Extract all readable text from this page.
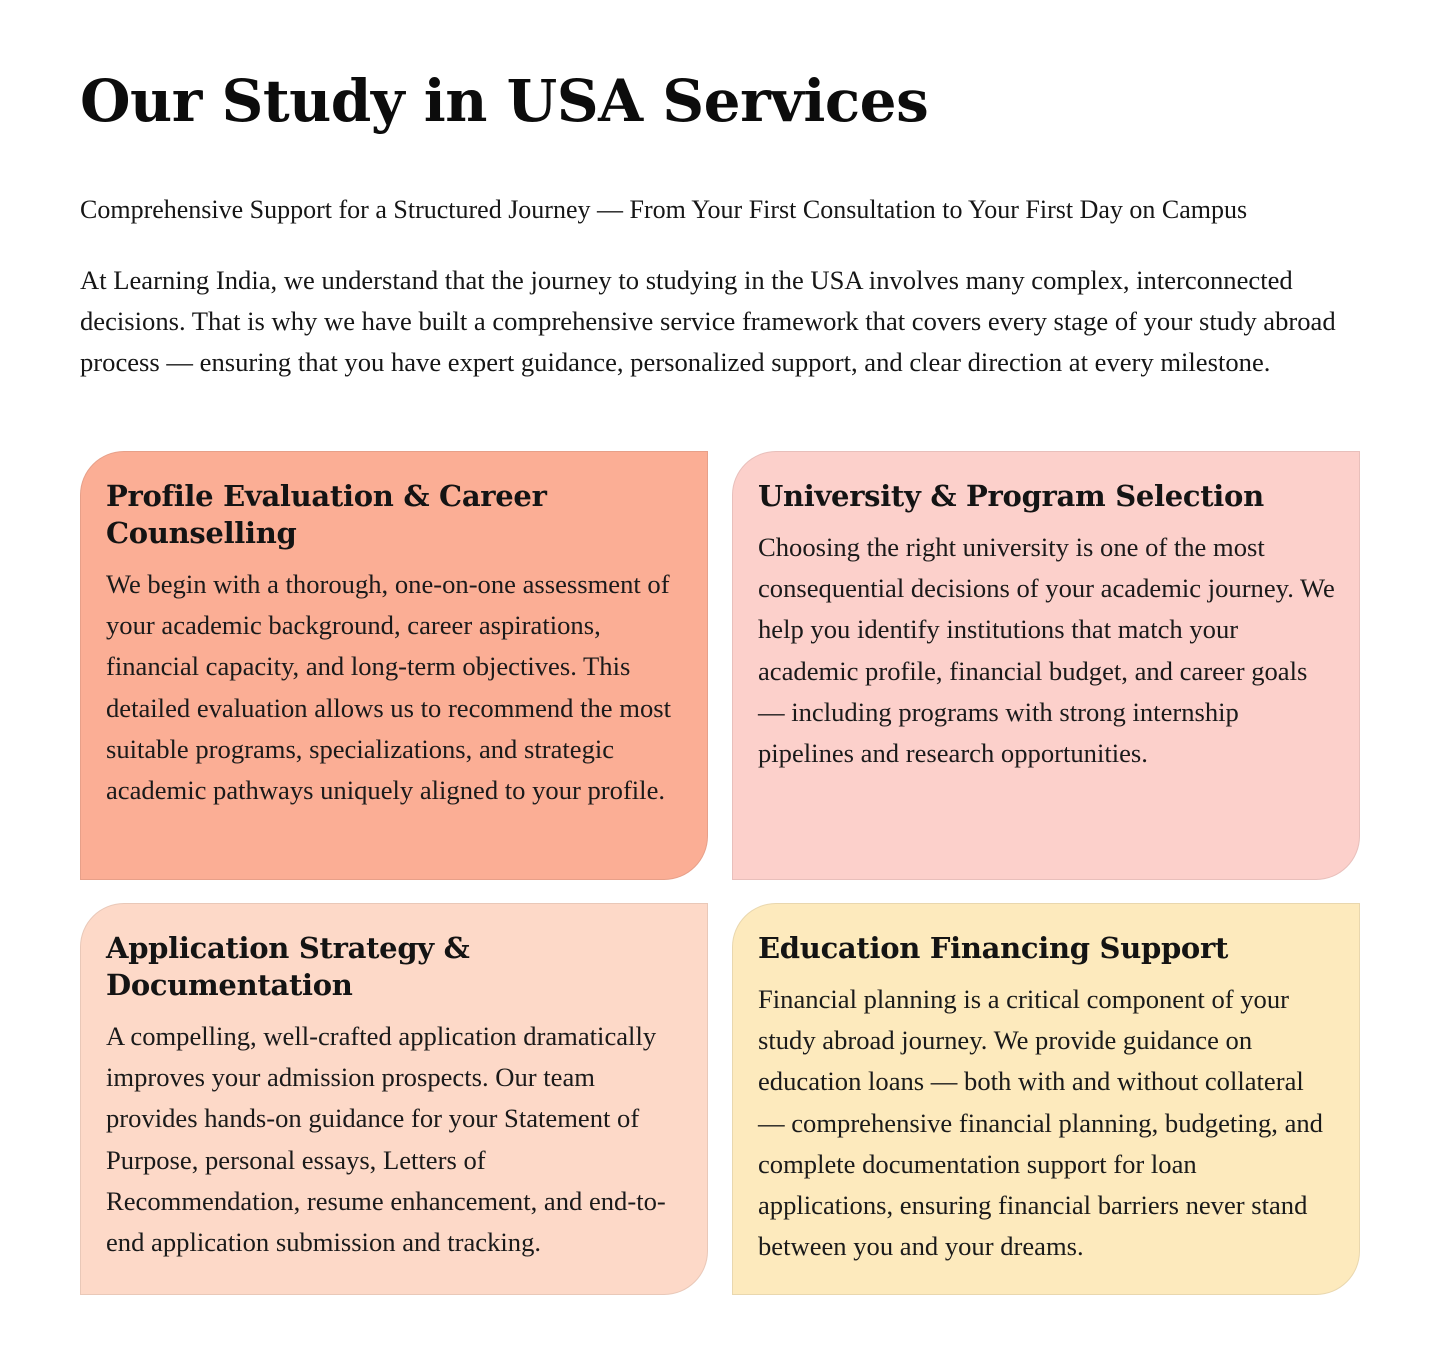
Our Study in USA Services

Comprehensive Support for a Structured Journey — From Your First Consultation to Your First Day on Campus

At Learning India, we understand that the journey to studying in the USA involves many complex, interconnected decisions. That is why we have built a comprehensive service framework that covers every stage of your study abroad process — ensuring that you have expert guidance, personalized support, and clear direction at every milestone.

Profile Evaluation & Career Counselling

We begin with a thorough, one-on-one assessment of your academic background, career aspirations, financial capacity, and long-term objectives. This detailed evaluation allows us to recommend the most suitable programs, specializations, and strategic academic pathways uniquely aligned to your profile.

University & Program Selection

Choosing the right university is one of the most consequential decisions of your academic journey. We help you identify institutions that match your academic profile, financial budget, and career goals — including programs with strong internship pipelines and research opportunities.

Application Strategy & Documentation

A compelling, well-crafted application dramatically improves your admission prospects. Our team provides hands-on guidance for your Statement of Purpose, personal essays, Letters of Recommendation, resume enhancement, and end-to-end application submission and tracking.

Education Financing Support

Financial planning is a critical component of your study abroad journey. We provide guidance on education loans — both with and without collateral — comprehensive financial planning, budgeting, and complete documentation support for loan applications, ensuring financial barriers never stand between you and your dreams.
